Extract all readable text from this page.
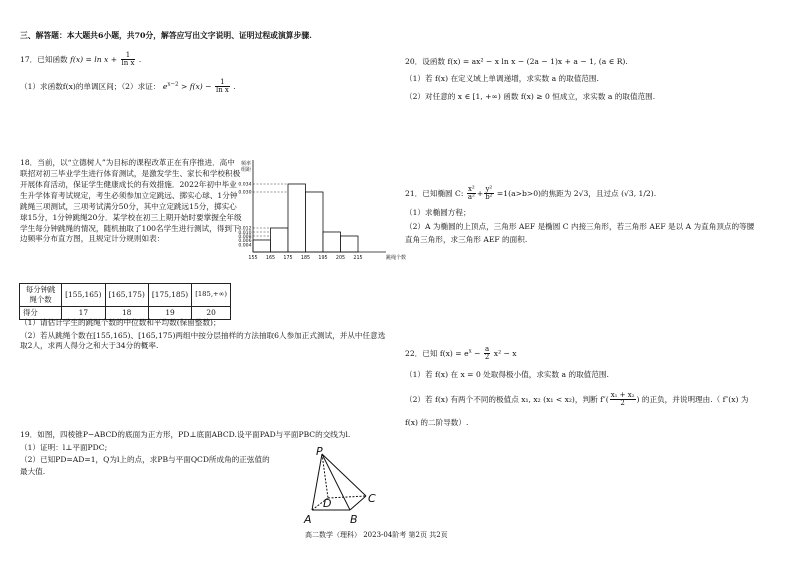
三、解答题：本大题共6小题，共70分，解答应写出文字说明、证明过程或演算步骤.
17．已知函数 $f(x) = \ln x + \frac{1}{\text{ln x}}$ .
（1）求函数f(x)的单调区间；（2）求证： $e^{x-2} > f(x) - \frac{1}{\text{ln x}}$ .
18．当前，以“立德树人”为目标的课程改革正在有序推进．高中联招对初三毕业学生进行体育测试，是激发学生、家长和学校积极开展体育活动，保证学生健康成长的有效措施．2022年初中毕业生升学体育考试规定，考生必须参加立定跳远、掷实心球、1分钟跳绳三项测试，三项考试满分50分，其中立定跳远15分，掷实心球15分，1分钟跳绳20分．某学校在初三上期开始时要掌握全年级学生每分钟跳绳的情况，随机抽取了100名学生进行测试，得到下边频率分布直方图，且规定计分规则如表：
0.034
0.030
0.012
0.010
0.008
0.006
0.004
155 165 175 185 195 205 215
频率
组距
跳绳个数
每分钟跳绳个数	[155,165)	[165,175)	[175,185)	[185,+∞)
得分	17	18	19	20
（1）请估计学生的跳绳个数的中位数和平均数(保留整数)；
（2）若从跳绳个数在[155,165)、[165,175)两组中按分层抽样的方法抽取6人参加正式测试，并从中任意选取2人，求两人得分之和大于34分的概率.
19．如图，四棱锥P−ABCD的底面为正方形，PD⊥底面ABCD.设平面PAD与平面PBC的交线为l.
（1）证明：l⊥平面PDC;
（2）已知PD=AD=1，Q为l上的点，求PB与平面QCD所成角的正弦值的
最大值.
P
A	B
C
D
20．设函数 f(x) = ax² − x ln x − (2a − 1)x + a − 1, (a ∈ R).
（1）若 f(x) 在定义域上单调递增，求实数 a 的取值范围.
（2）对任意的 x ∈ [1, +∞) 函数 f(x) ≥ 0 恒成立，求实数 a 的取值范围.
21．已知椭圆 C: $\frac{\text{x²}}{\text{a²}} + \frac{\text{y²}}{\text{b²}} =1(a>b>0)$的焦距为 2√3，且过点 (√3, 1/2).
（1）求椭圆方程；
（2）A 为椭圆的上顶点，三角形 AEF 是椭圆 C 内接三角形，若三角形 AEF 是以 A 为直角顶点的等腰
直角三角形，求三角形 AEF 的面积.
22．已知 $f(x) = e^x - \frac{a}{2} x^2 - x$
（1）若 f(x) 在 x = 0 处取得极小值，求实数 a 的取值范围.
（2）若 f(x) 有两个不同的极值点 x₁, x₂ (x₁ < x₂)，判断 $f''( \frac{\text{x₁ + x₂}}{2}$ ) 的正负，并说明理由.（ f″(x) 为
f(x) 的二阶导数）.
高二数学（理科） 2023-04阶考 第2页 共2页
